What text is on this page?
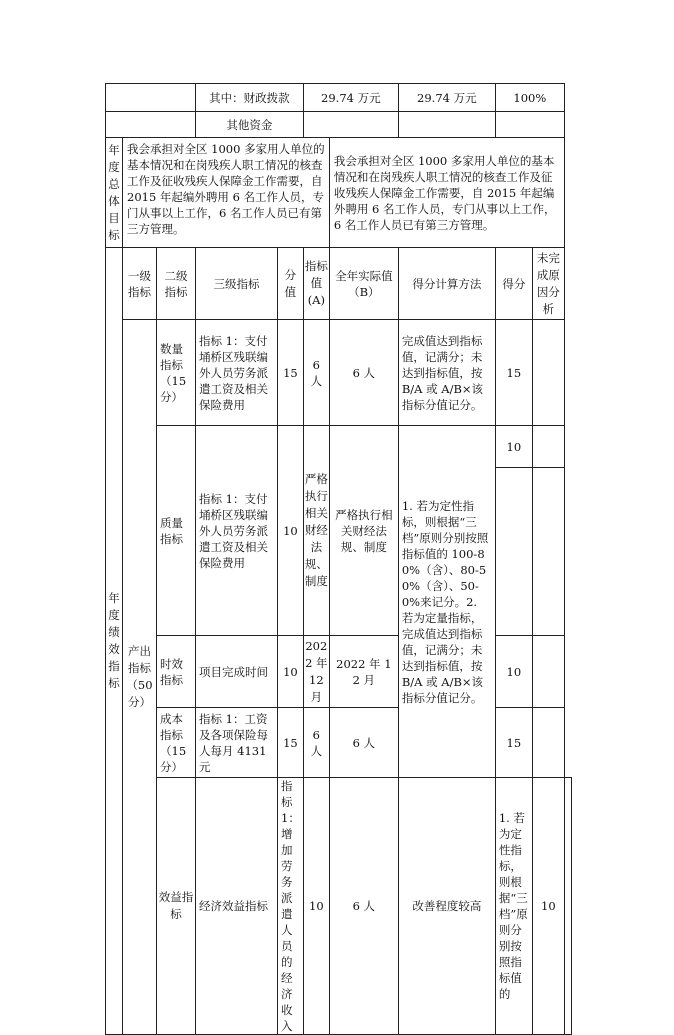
			其中：财政拨款		29.74 万元		29.74 万元	100%		
			其他资金							
年度总体目标	我会承担对全区 1000 多家用人单位的基本情况和在岗残疾人职工情况的核查工作及征收残疾人保障金工作需要，自 2015 年起编外聘用 6 名工作人员，专门从事以上工作，6 名工作人员已有第三方管理。					我会承担对全区 1000 多家用人单位的基本情况和在岗残疾人职工情况的核查工作及征收残疾人保障金工作需要，自 2015 年起编外聘用 6 名工作人员，专门从事以上工作，6 名工作人员已有第三方管理。				
年度绩效指标	一级指标	二级指标	三级指标	分值	指标值(A)	全年实际值（B）	得分计算方法	得分	未完成原因分析	
	产出指标（50分）	数量指标（15分）	指标 1：支付埇桥区残联编外人员劳务派遣工资及相关保险费用	15	6 人	6 人	完成值达到指标值，记满分；未达到指标值，按 B/A 或 A/B×该指标分值记分。	15		
		质量指标	指标 1：支付埇桥区残联编外人员劳务派遣工资及相关保险费用	10	严格执行相关财经法规、制度	严格执行相关财经法规、制度	1. 若为定性指标，则根据“三档”原则分别按照指标值的 100-80%（含）、80-50%（含）、50-0%来记分。2. 若为定量指标，完成值达到指标值，记满分；未达到指标值，按 B/A 或 A/B×该指标分值记分。	10		

		时效指标	项目完成时间	10	2022 年 12 月	2022 年 12 月		10		
		成本指标（15分）	指标 1：工资及各项保险每人每月 4131 元	15	6 人	6 人		15		
		效益指标	经济效益指标	指标 1：增加劳务派遣人员的经济收入	10	6 人	改善程度较高	1. 若为定性指标，则根据“三档”原则分别按照指标值的	10	
